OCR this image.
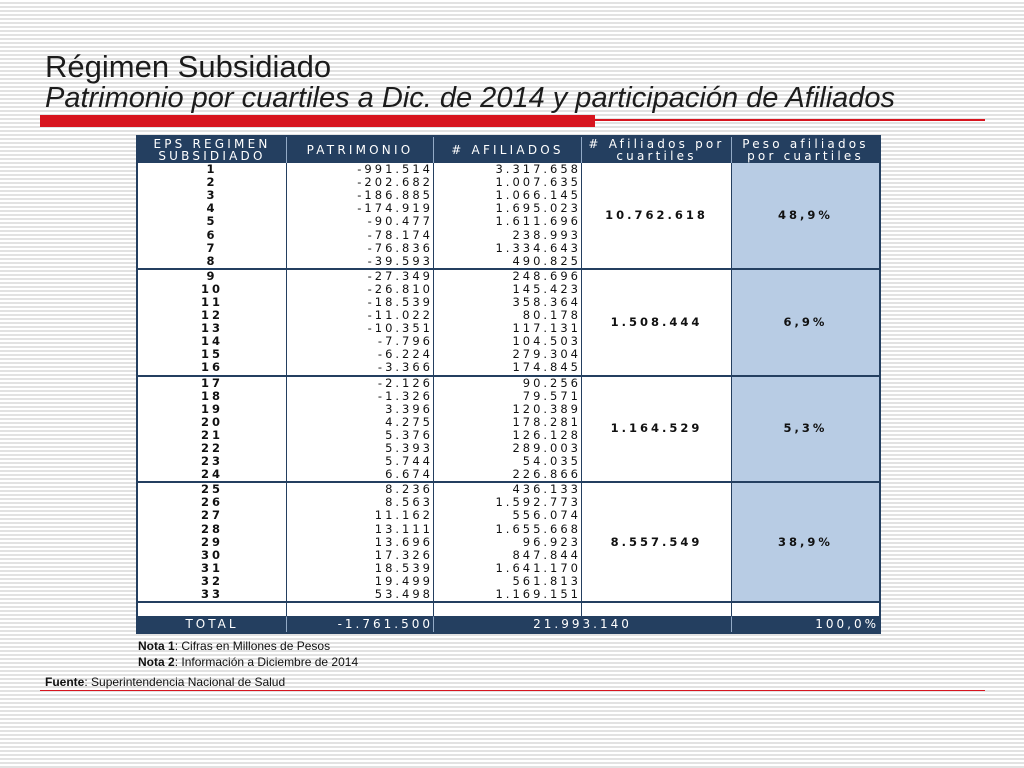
Régimen Subsidiado
Patrimonio por cuartiles a Dic. de 2014 y participación de Afiliados
EPS REGIMEN
SUBSIDIADO	PATRIMONIO	# AFILIADOS	# Afiliados por
cuartiles	Peso afiliados
por cuartiles

1	-991.514	3.317.658	10.762.618	48,9%
2	-202.682	1.007.635		
3	-186.885	1.066.145		
4	-174.919	1.695.023		
5	-90.477	1.611.696		
6	-78.174	238.993		
7	-76.836	1.334.643		
8	-39.593	490.825		
9	-27.349	248.696	1.508.444	6,9%
10	-26.810	145.423		
11	-18.539	358.364		
12	-11.022	80.178		
13	-10.351	117.131		
14	-7.796	104.503		
15	-6.224	279.304		
16	-3.366	174.845		
17	-2.126	90.256	1.164.529	5,3%
18	-1.326	79.571		
19	3.396	120.389		
20	4.275	178.281		
21	5.376	126.128		
22	5.393	289.003		
23	5.744	54.035		
24	6.674	226.866		
25	8.236	436.133	8.557.549	38,9%
26	8.563	1.592.773		
27	11.162	556.074		
28	13.111	1.655.668		
29	13.696	96.923		
30	17.326	847.844		
31	18.539	1.641.170		
32	19.499	561.813		
33	53.498	1.169.151		

TOTAL	-1.761.500	21.993.140		100,0%
Nota 1: Cifras en Millones de Pesos
Nota 2: Información a Diciembre de 2014
Fuente: Superintendencia Nacional de Salud
